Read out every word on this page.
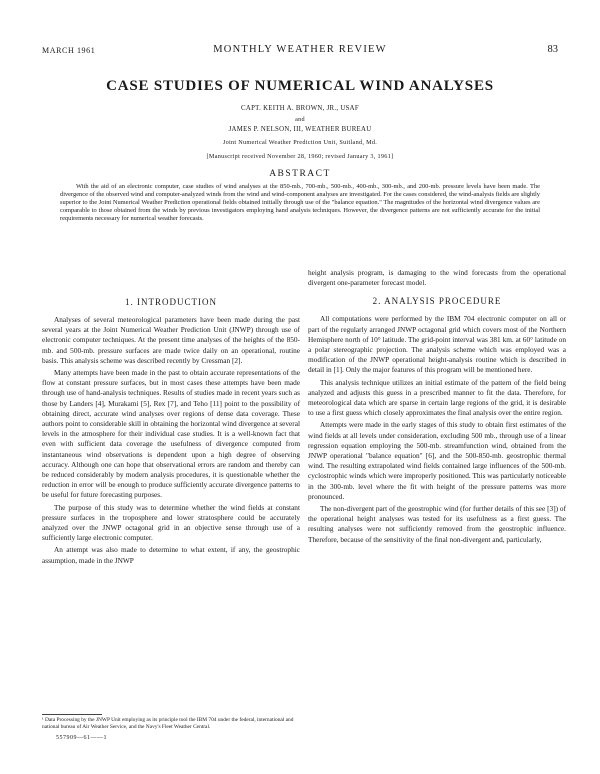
MARCH 1961	MONTHLY WEATHER REVIEW	83
CASE STUDIES OF NUMERICAL WIND ANALYSES
CAPT. KEITH A. BROWN, JR., USAF
and
JAMES P. NELSON, III, WEATHER BUREAU
Joint Numerical Weather Prediction Unit, Suitland, Md.
[Manuscript received November 28, 1960; revised January 3, 1961]
ABSTRACT

With the aid of an electronic computer, case studies of wind analyses at the 850-mb., 700-mb., 500-mb., 400-mb., 300-mb., and 200-mb. pressure levels have been made. The divergence of the observed wind and computer-analyzed winds from the wind and wind-component analyses are investigated. For the cases considered, the wind-analysis fields are slightly superior to the Joint Numerical Weather Prediction operational fields obtained initially through use of the "balance equation." The magnitudes of the horizontal wind divergence values are comparable to those obtained from the winds by previous investigators employing hand analysis techniques. However, the divergence patterns are not sufficiently accurate for the initial requirements necessary for numerical weather forecasts.

1. INTRODUCTION

Analyses of several meteorological parameters have been made during the past several years at the Joint Numerical Weather Prediction Unit (JNWP) through use of electronic computer techniques. At the present time analyses of the heights of the 850-mb. and 500-mb. pressure surfaces are made twice daily on an operational, routine basis. This analysis scheme was described recently by Cressman [2].

Many attempts have been made in the past to obtain accurate representations of the flow at constant pressure surfaces, but in most cases these attempts have been made through use of hand-analysis techniques. Results of studies made in recent years such as those by Landers [4], Murakami [5], Rex [7], and Teho [11] point to the possibility of obtaining direct, accurate wind analyses over regions of dense data coverage. These authors point to considerable skill in obtaining the horizontal wind divergence at several levels in the atmosphere for their individual case studies. It is a well-known fact that even with sufficient data coverage the usefulness of divergence computed from instantaneous wind observations is dependent upon a high degree of observing accuracy. Although one can hope that observational errors are random and thereby can be reduced considerably by modern analysis procedures, it is questionable whether the reduction in error will be enough to produce sufficiently accurate divergence patterns to be useful for future forecasting purposes.

The purpose of this study was to determine whether the wind fields at constant pressure surfaces in the troposphere and lower stratosphere could be accurately analyzed over the JNWP octagonal grid in an objective sense through use of a sufficiently large electronic computer.

An attempt was also made to determine to what extent, if any, the geostrophic assumption, made in the JNWP

¹ Data Processing by the JNWP Unit employing as its principle tool the IBM 704 under the federal, international and national bureau of Air Weather Service, and the Navy's Fleet Weather Central.

557909—61——1

height analysis program, is damaging to the wind forecasts from the operational divergent one-parameter forecast model.

2. ANALYSIS PROCEDURE

All computations were performed by the IBM 704 electronic computer on all or part of the regularly arranged JNWP octagonal grid which covers most of the Northern Hemisphere north of 10° latitude. The grid-point interval was 381 km. at 60° latitude on a polar stereographic projection. The analysis scheme which was employed was a modification of the JNWP operational height-analysis routine which is described in detail in [1]. Only the major features of this program will be mentioned here.

This analysis technique utilizes an initial estimate of the pattern of the field being analyzed and adjusts this guess in a prescribed manner to fit the data. Therefore, for meteorological data which are sparse in certain large regions of the grid, it is desirable to use a first guess which closely approximates the final analysis over the entire region.

Attempts were made in the early stages of this study to obtain first estimates of the wind fields at all levels under consideration, excluding 500 mb., through use of a linear regression equation employing the 500-mb. streamfunction wind, obtained from the JNWP operational "balance equation" [6], and the 500-850-mb. geostrophic thermal wind. The resulting extrapolated wind fields contained large influences of the 500-mb. cyclostrophic winds which were improperly positioned. This was particularly noticeable in the 300-mb. level where the fit with height of the pressure patterns was more pronounced.

The non-divergent part of the geostrophic wind (for further details of this see [3]) of the operational height analyses was tested for its usefulness as a first guess. The resulting analyses were not sufficiently removed from the geostrophic influence. Therefore, because of the sensitivity of the final non-divergent and, particularly,
